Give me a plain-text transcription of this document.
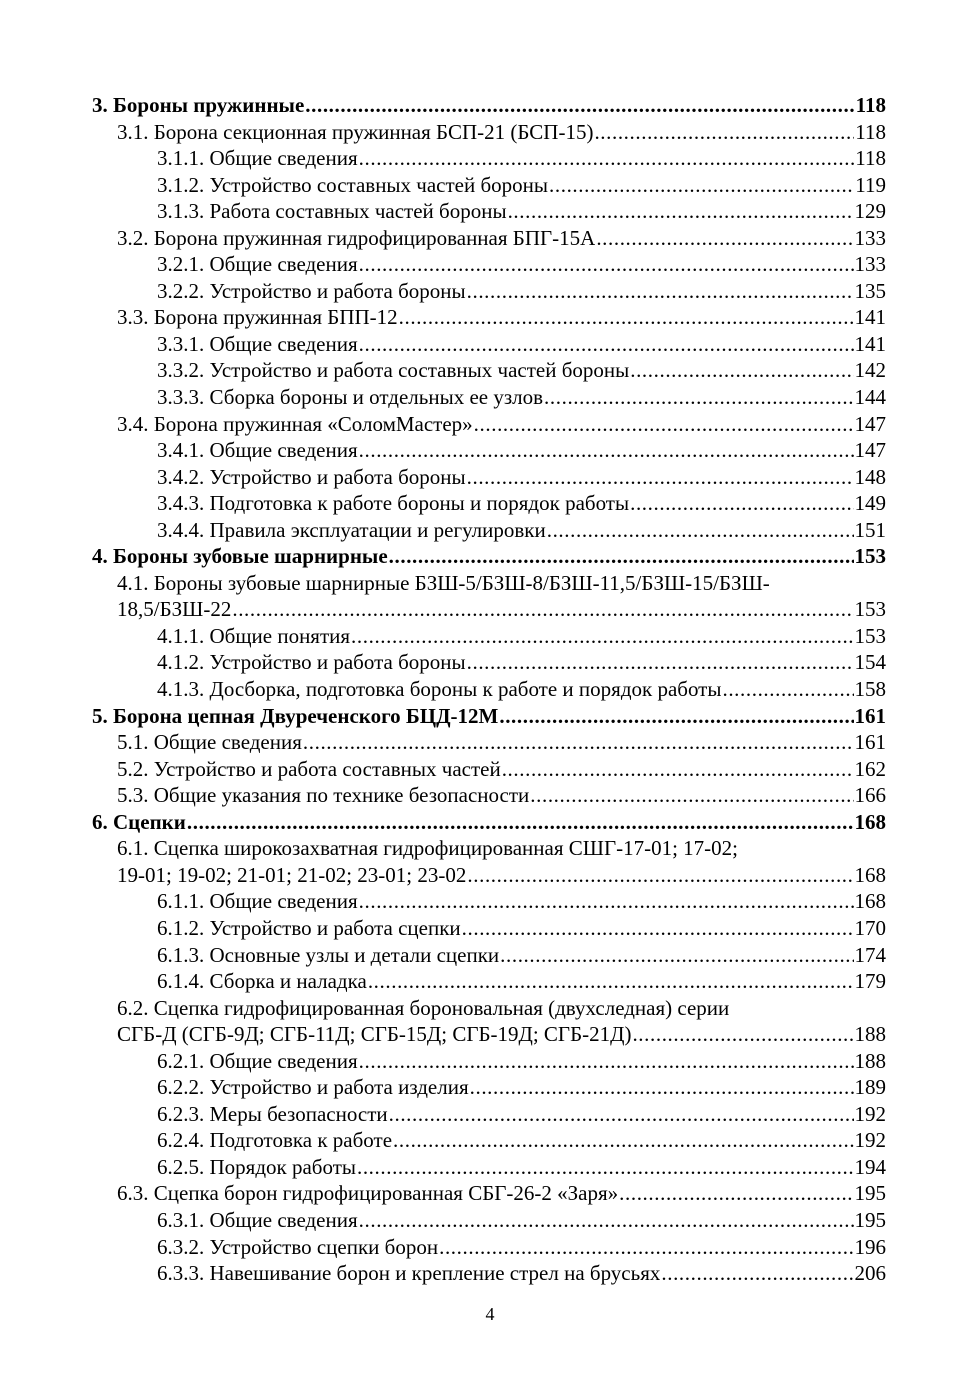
3. Бороны пружинные .....	118
3.1. Борона секционная пружинная БСП-21 (БСП-15) .....	118
3.1.1. Общие сведения .....	118
3.1.2. Устройство составных частей бороны .....	119
3.1.3. Работа составных частей бороны .....	129
3.2. Борона пружинная гидрофицированная БПГ-15А .....	133
3.2.1. Общие сведения .....	133
3.2.2. Устройство и работа бороны .....	135
3.3. Борона пружинная БПП-12 .....	141
3.3.1. Общие сведения .....	141
3.3.2. Устройство и работа составных частей бороны .....	142
3.3.3. Сборка бороны и отдельных ее узлов .....	144
3.4. Борона пружинная «СоломМастер» .....	147
3.4.1. Общие сведения .....	147
3.4.2. Устройство и работа бороны .....	148
3.4.3. Подготовка к работе бороны и порядок работы .....	149
3.4.4. Правила эксплуатации и регулировки .....	151
4. Бороны зубовые шарнирные .....	153
4.1. Бороны зубовые шарнирные БЗШ-5/БЗШ-8/БЗШ-11,5/БЗШ-15/БЗШ-
18,5/БЗШ-22 .....	153
4.1.1. Общие понятия .....	153
4.1.2. Устройство и работа бороны .....	154
4.1.3. Досборка, подготовка бороны к работе и порядок работы .....	158
5. Борона цепная Двуреченского БЦД-12М .....	161
5.1. Общие сведения .....	161
5.2. Устройство и работа составных частей .....	162
5.3. Общие указания по технике безопасности .....	166
6. Сцепки .....	168
6.1. Сцепка широкозахватная гидрофицированная СШГ-17-01; 17-02;
19-01; 19-02; 21-01; 21-02; 23-01; 23-02 .....	168
6.1.1. Общие сведения .....	168
6.1.2. Устройство и работа сцепки .....	170
6.1.3. Основные узлы и детали сцепки .....	174
6.1.4. Сборка и наладка .....	179
6.2. Сцепка гидрофицированная бороновальная (двухследная) серии
СГБ-Д (СГБ-9Д; СГБ-11Д; СГБ-15Д; СГБ-19Д; СГБ-21Д) .....	188
6.2.1. Общие сведения .....	188
6.2.2. Устройство и работа изделия .....	189
6.2.3. Меры безопасности .....	192
6.2.4. Подготовка к работе .....	192
6.2.5. Порядок работы .....	194
6.3. Сцепка борон гидрофицированная СБГ-26-2 «Заря» .....	195
6.3.1. Общие сведения .....	195
6.3.2. Устройство сцепки борон .....	196
6.3.3. Навешивание борон и крепление стрел на брусьях .....	206
4
